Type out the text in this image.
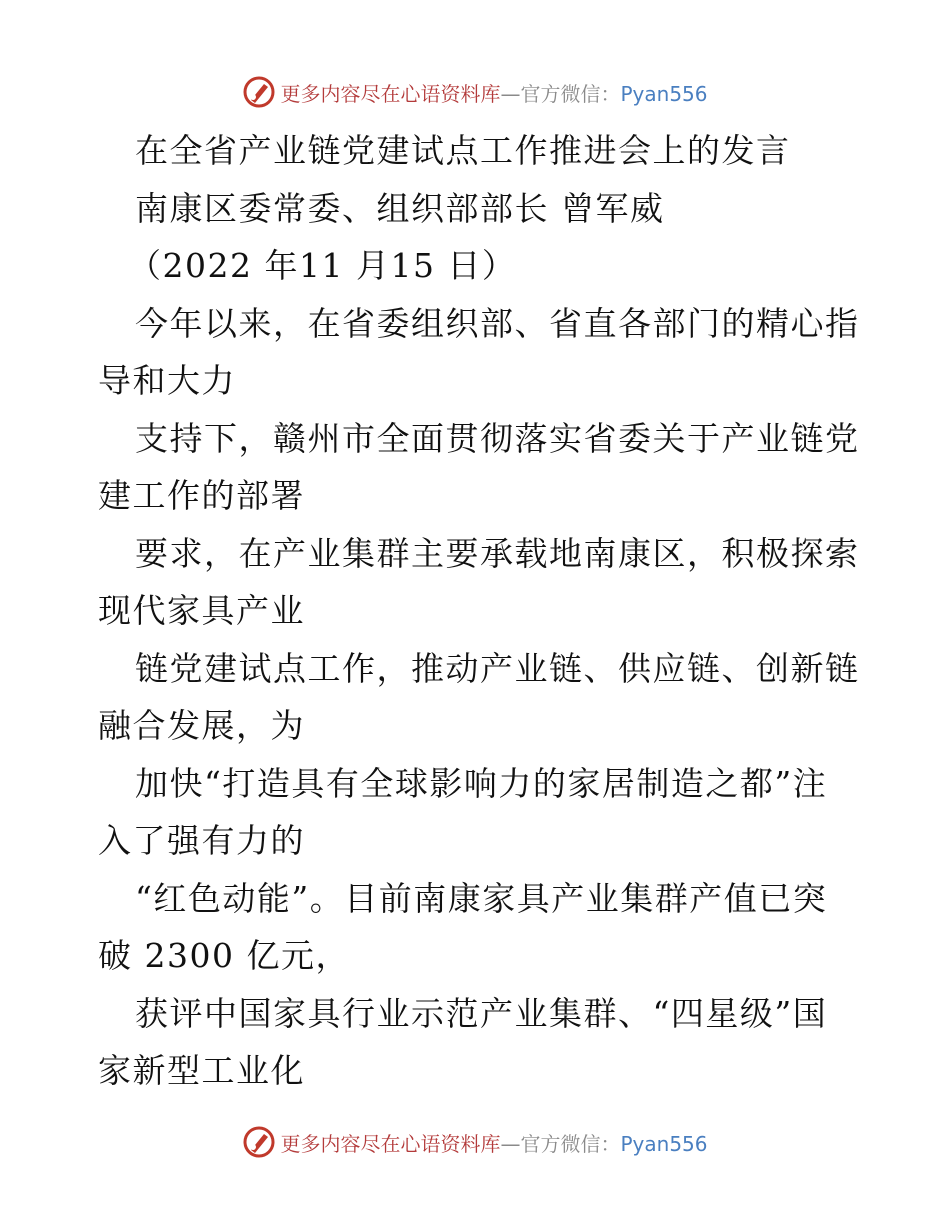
更多内容尽在心语资料库—官方微信：Pyan556
在全省产业链党建试点工作推进会上的发言
南康区委常委、组织部部长 曾军威
（2022 年11 月15 日）
今年以来，在省委组织部、省直各部门的精心指
导和大力
支持下，赣州市全面贯彻落实省委关于产业链党
建工作的部署
要求，在产业集群主要承载地南康区，积极探索
现代家具产业
链党建试点工作，推动产业链、供应链、创新链
融合发展，为
加快“打造具有全球影响力的家居制造之都”注
入了强有力的
“红色动能”。目前南康家具产业集群产值已突
破 2300 亿元，
获评中国家具行业示范产业集群、“四星级”国
家新型工业化
更多内容尽在心语资料库—官方微信：Pyan556
